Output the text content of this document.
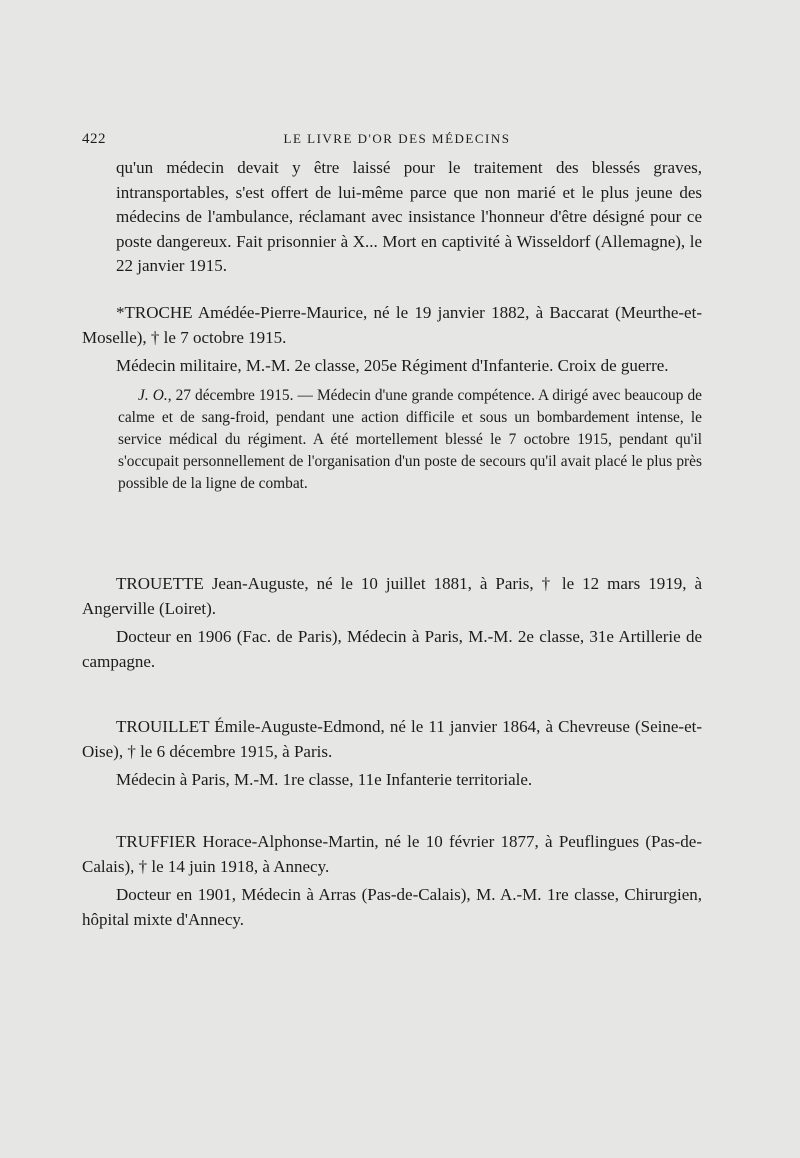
422	LE LIVRE D'OR DES MÉDECINS

qu'un médecin devait y être laissé pour le traitement des blessés graves, intransportables, s'est offert de lui-même parce que non marié et le plus jeune des médecins de l'ambulance, réclamant avec insistance l'honneur d'être désigné pour ce poste dangereux. Fait prisonnier à X... Mort en captivité à Wisseldorf (Allemagne), le 22 janvier 1915.

*TROCHE Amédée-Pierre-Maurice, né le 19 janvier 1882, à Baccarat (Meurthe-et-Moselle), † le 7 octobre 1915.

Médecin militaire, M.-M. 2e classe, 205e Régiment d'Infanterie. Croix de guerre.

J. O., 27 décembre 1915. — Médecin d'une grande compétence. A dirigé avec beaucoup de calme et de sang-froid, pendant une action difficile et sous un bombardement intense, le service médical du régiment. A été mortellement blessé le 7 octobre 1915, pendant qu'il s'occupait personnellement de l'organisation d'un poste de secours qu'il avait placé le plus près possible de la ligne de combat.

TROUETTE Jean-Auguste, né le 10 juillet 1881, à Paris, † le 12 mars 1919, à Angerville (Loiret).

Docteur en 1906 (Fac. de Paris), Médecin à Paris, M.-M. 2e classe, 31e Artillerie de campagne.

TROUILLET Émile-Auguste-Edmond, né le 11 janvier 1864, à Chevreuse (Seine-et-Oise), † le 6 décembre 1915, à Paris.

Médecin à Paris, M.-M. 1re classe, 11e Infanterie territoriale.

TRUFFIER Horace-Alphonse-Martin, né le 10 février 1877, à Peuflingues (Pas-de-Calais), † le 14 juin 1918, à Annecy.

Docteur en 1901, Médecin à Arras (Pas-de-Calais), M. A.-M. 1re classe, Chirurgien, hôpital mixte d'Annecy.
